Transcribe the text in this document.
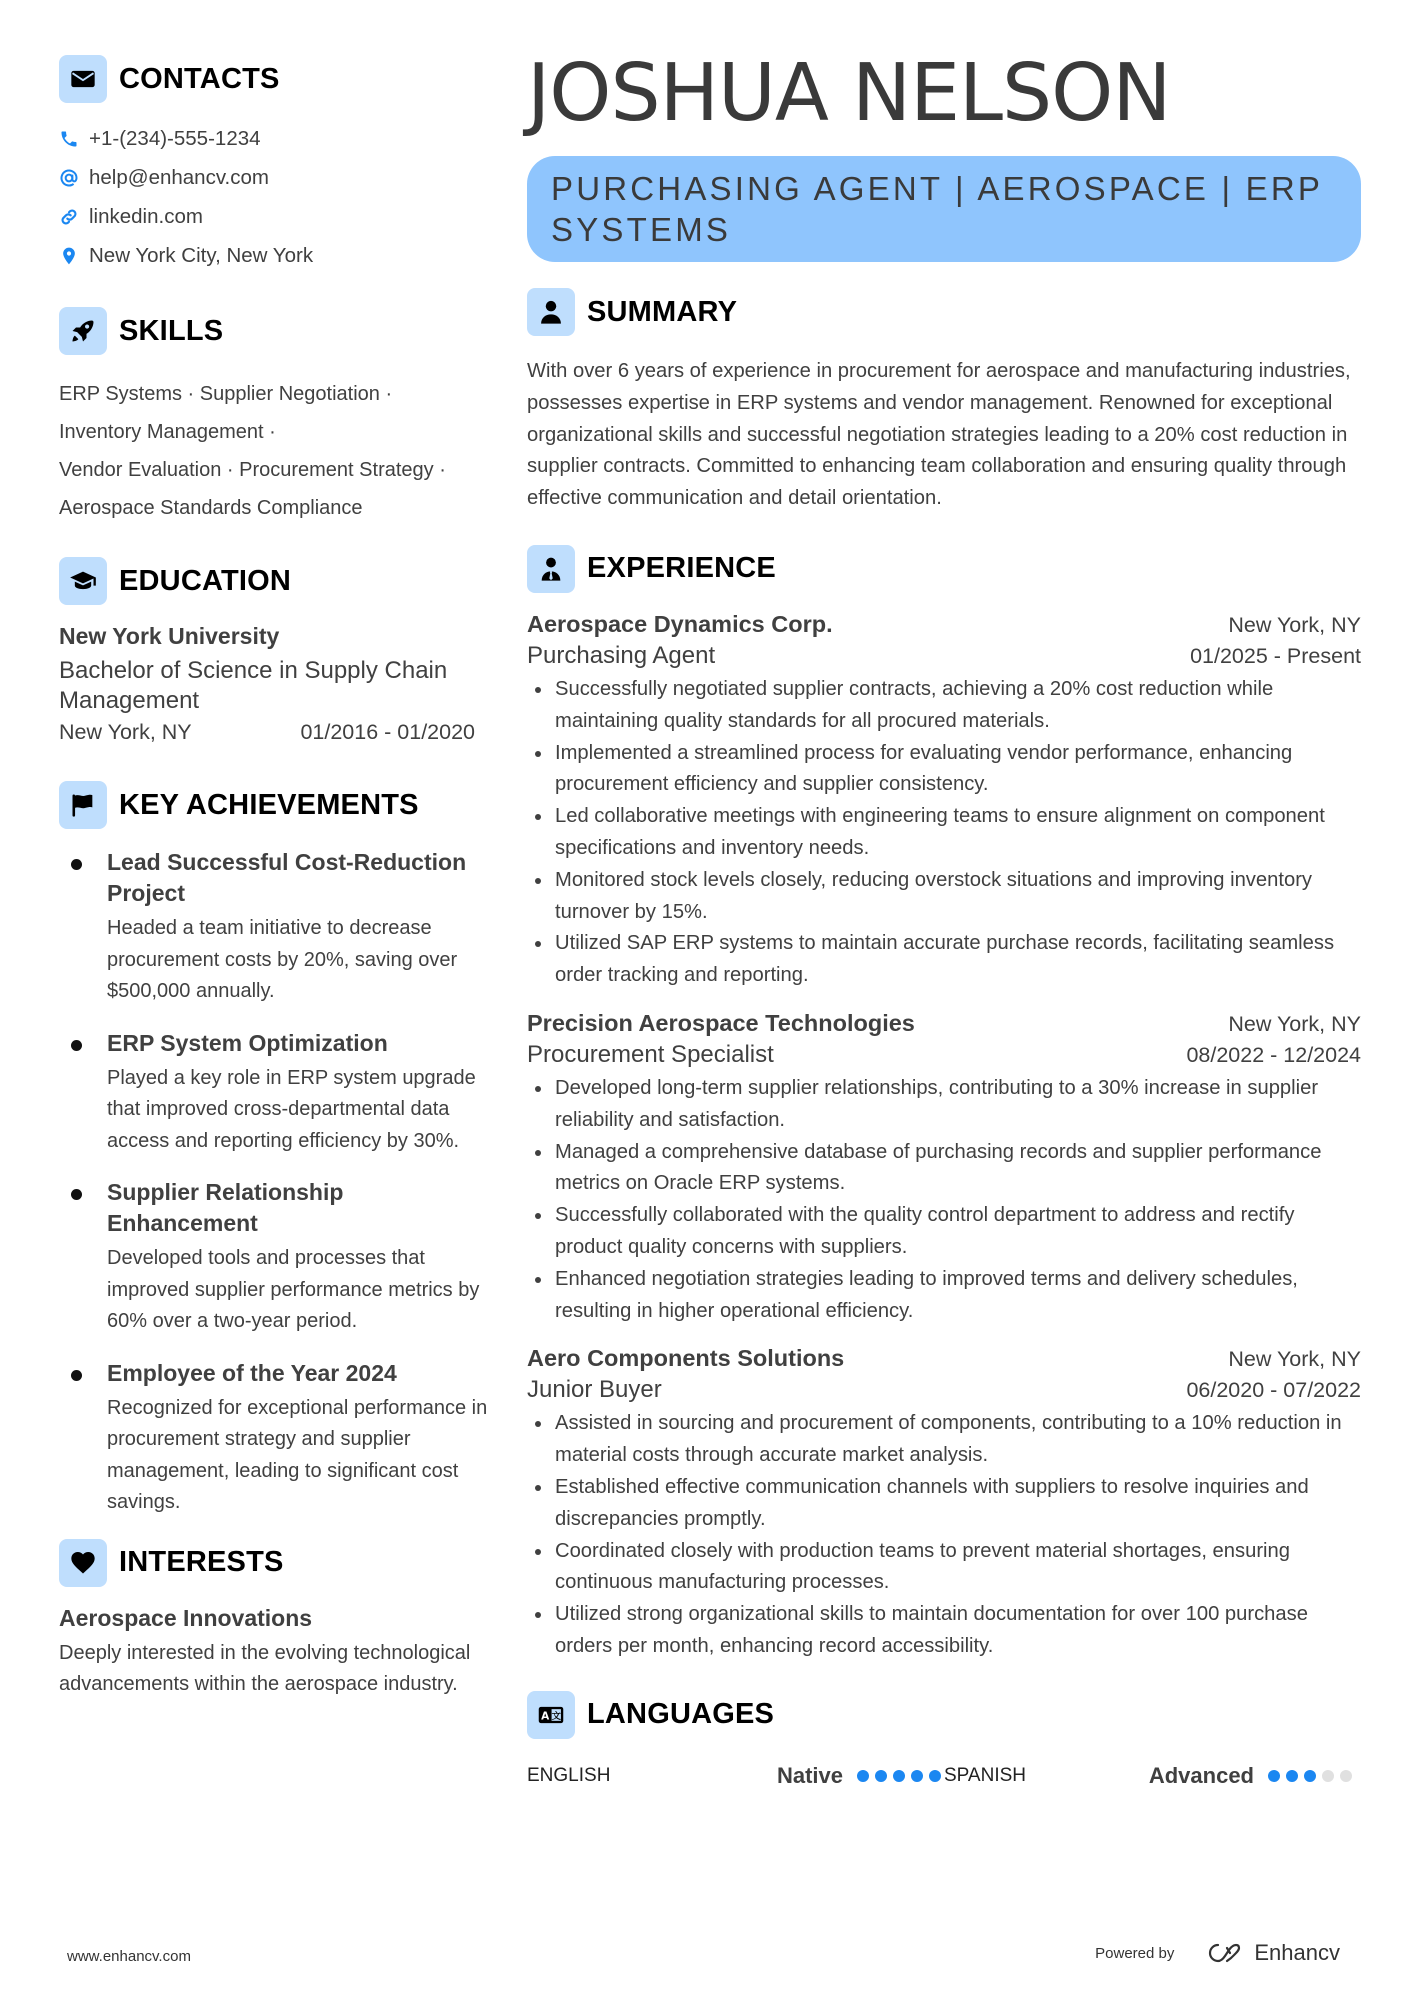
CONTACTS
+1-(234)-555-1234
help@enhancv.com
linkedin.com
New York City, New York
SKILLS
ERP Systems · Supplier Negotiation ·
Inventory Management ·
Vendor Evaluation · Procurement Strategy ·
Aerospace Standards Compliance
EDUCATION
New York University
Bachelor of Science in Supply Chain Management
New York, NY	01/2016 - 01/2020
KEY ACHIEVEMENTS
Lead Successful Cost-Reduction Project
Headed a team initiative to decrease procurement costs by 20%, saving over $500,000 annually.
ERP System Optimization
Played a key role in ERP system upgrade that improved cross-departmental data access and reporting efficiency by 30%.
Supplier Relationship Enhancement
Developed tools and processes that improved supplier performance metrics by 60% over a two-year period.
Employee of the Year 2024
Recognized for exceptional performance in procurement strategy and supplier management, leading to significant cost savings.
INTERESTS
Aerospace Innovations
Deeply interested in the evolving technological advancements within the aerospace industry.
JOSHUA NELSON
PURCHASING AGENT | AEROSPACE | ERP SYSTEMS
SUMMARY
With over 6 years of experience in procurement for aerospace and manufacturing industries, possesses expertise in ERP systems and vendor management. Renowned for exceptional organizational skills and successful negotiation strategies leading to a 20% cost reduction in supplier contracts. Committed to enhancing team collaboration and ensuring quality through effective communication and detail orientation.
EXPERIENCE
Aerospace Dynamics Corp.	New York, NY
Purchasing Agent	01/2025 - Present
Successfully negotiated supplier contracts, achieving a 20% cost reduction while maintaining quality standards for all procured materials.
Implemented a streamlined process for evaluating vendor performance, enhancing procurement efficiency and supplier consistency.
Led collaborative meetings with engineering teams to ensure alignment on component specifications and inventory needs.
Monitored stock levels closely, reducing overstock situations and improving inventory turnover by 15%.
Utilized SAP ERP systems to maintain accurate purchase records, facilitating seamless order tracking and reporting.
Precision Aerospace Technologies	New York, NY
Procurement Specialist	08/2022 - 12/2024
Developed long-term supplier relationships, contributing to a 30% increase in supplier reliability and satisfaction.
Managed a comprehensive database of purchasing records and supplier performance metrics on Oracle ERP systems.
Successfully collaborated with the quality control department to address and rectify product quality concerns with suppliers.
Enhanced negotiation strategies leading to improved terms and delivery schedules, resulting in higher operational efficiency.
Aero Components Solutions	New York, NY
Junior Buyer	06/2020 - 07/2022
Assisted in sourcing and procurement of components, contributing to a 10% reduction in material costs through accurate market analysis.
Established effective communication channels with suppliers to resolve inquiries and discrepancies promptly.
Coordinated closely with production teams to prevent material shortages, ensuring continuous manufacturing processes.
Utilized strong organizational skills to maintain documentation for over 100 purchase orders per month, enhancing record accessibility.
A 文 LANGUAGES
ENGLISH	Native	SPANISH	Advanced
www.enhancv.com	Powered by	Enhancv
